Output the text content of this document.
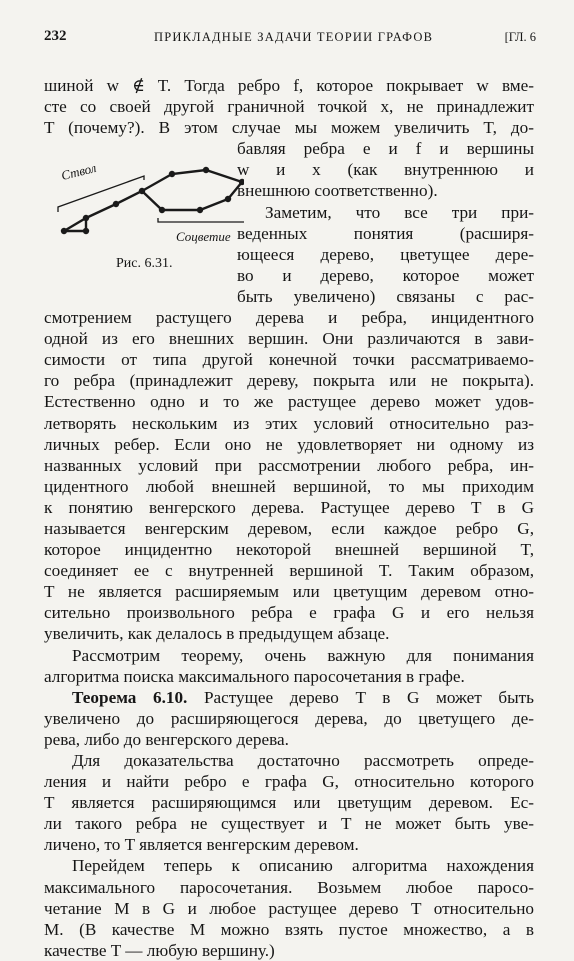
232	ПРИКЛАДНЫЕ ЗАДАЧИ ТЕОРИИ ГРАФОВ	[ГЛ. 6
Ствол
Соцветие
Рис. 6.31.
шиной w ∉ T. Тогда ребро f, которое покрывает w вме-
сте со своей другой граничной точкой x, не принадлежит
T (почему?). В этом случае мы можем увеличить T, до-
бавляя ребра e и f и вершины
w и x (как внутреннюю и
внешнюю соответственно).
Заметим, что все три при-
веденных понятия (расширя-
ющееся дерево, цветущее дере-
во и дерево, которое может
быть увеличено) связаны с рас-
смотрением растущего дерева и ребра, инцидентного
одной из его внешних вершин. Они различаются в зави-
симости от типа другой конечной точки рассматриваемо-
го ребра (принадлежит дереву, покрыта или не покрыта).
Естественно одно и то же растущее дерево может удов-
летворять нескольким из этих условий относительно раз-
личных ребер. Если оно не удовлетворяет ни одному из
названных условий при рассмотрении любого ребра, ин-
цидентного любой внешней вершиной, то мы приходим
к понятию венгерского дерева. Растущее дерево T в G
называется венгерским деревом, если каждое ребро G,
которое инцидентно некоторой внешней вершиной T,
соединяет ее с внутренней вершиной T. Таким образом,
T не является расширяемым или цветущим деревом отно-
сительно произвольного ребра e графа G и его нельзя
увеличить, как делалось в предыдущем абзаце.
Рассмотрим теорему, очень важную для понимания
алгоритма поиска максимального паросочетания в графе.
Теорема 6.10. Растущее дерево T в G может быть
увеличено до расширяющегося дерева, до цветущего де-
рева, либо до венгерского дерева.
Для доказательства достаточно рассмотреть опреде-
ления и найти ребро e графа G, относительно которого
T является расширяющимся или цветущим деревом. Ес-
ли такого ребра не существует и T не может быть уве-
личено, то T является венгерским деревом.
Перейдем теперь к описанию алгоритма нахождения
максимального паросочетания. Возьмем любое паросо-
четание M в G и любое растущее дерево T относительно
M. (В качестве M можно взять пустое множество, а в
качестве T — любую вершину.)
